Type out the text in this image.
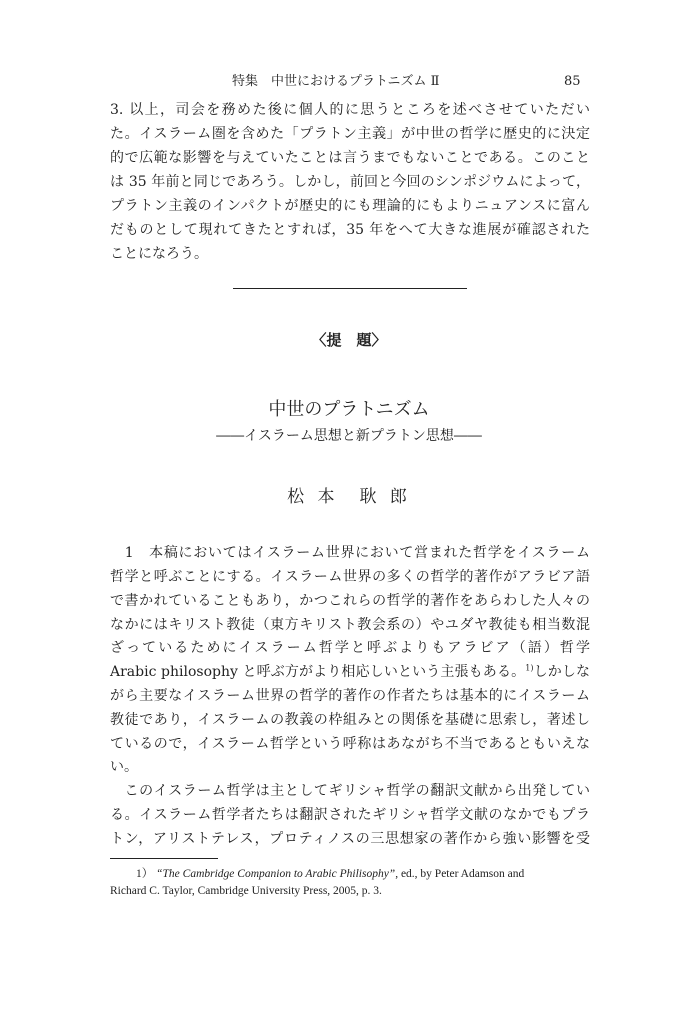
特集　中世におけるプラトニズム Ⅱ	85
3. 以上，司会を務めた後に個人的に思うところを述べさせていただい
た。イスラーム圏を含めた「プラトン主義」が中世の哲学に歴史的に決定
的で広範な影響を与えていたことは言うまでもないことである。このこと
は 35 年前と同じであろう。しかし，前回と今回のシンポジウムによって，
プラトン主義のインパクトが歴史的にも理論的にもよりニュアンスに富ん
だものとして現れてきたとすれば，35 年をへて大きな進展が確認された
ことになろう。
〈提　題〉
中世のプラトニズム
――イスラーム思想と新プラトン思想――
松 本　耿 郎
　1　本稿においてはイスラーム世界において営まれた哲学をイスラーム
哲学と呼ぶことにする。イスラーム世界の多くの哲学的著作がアラビア語
で書かれていることもあり，かつこれらの哲学的著作をあらわした人々の
なかにはキリスト教徒（東方キリスト教会系の）やユダヤ教徒も相当数混
ざっているためにイスラーム哲学と呼ぶよりもアラビア（語）哲学
Arabic philosophy と呼ぶ方がより相応しいという主張もある。$^{1)}$しかしな
がら主要なイスラーム世界の哲学的著作の作者たちは基本的にイスラーム
教徒であり，イスラームの教義の枠組みとの関係を基礎に思索し，著述し
ているので，イスラーム哲学という呼称はあながち不当であるともいえな
い。
　このイスラーム哲学は主としてギリシャ哲学の翻訳文献から出発してい
る。イスラーム哲学者たちは翻訳されたギリシャ哲学文献のなかでもプラ
トン，アリストテレス，プロティノスの三思想家の著作から強い影響を受
1） “The Cambridge Companion to Arabic Philisophy”, ed., by Peter Adamson and
Richard C. Taylor, Cambridge University Press, 2005, p. 3.
